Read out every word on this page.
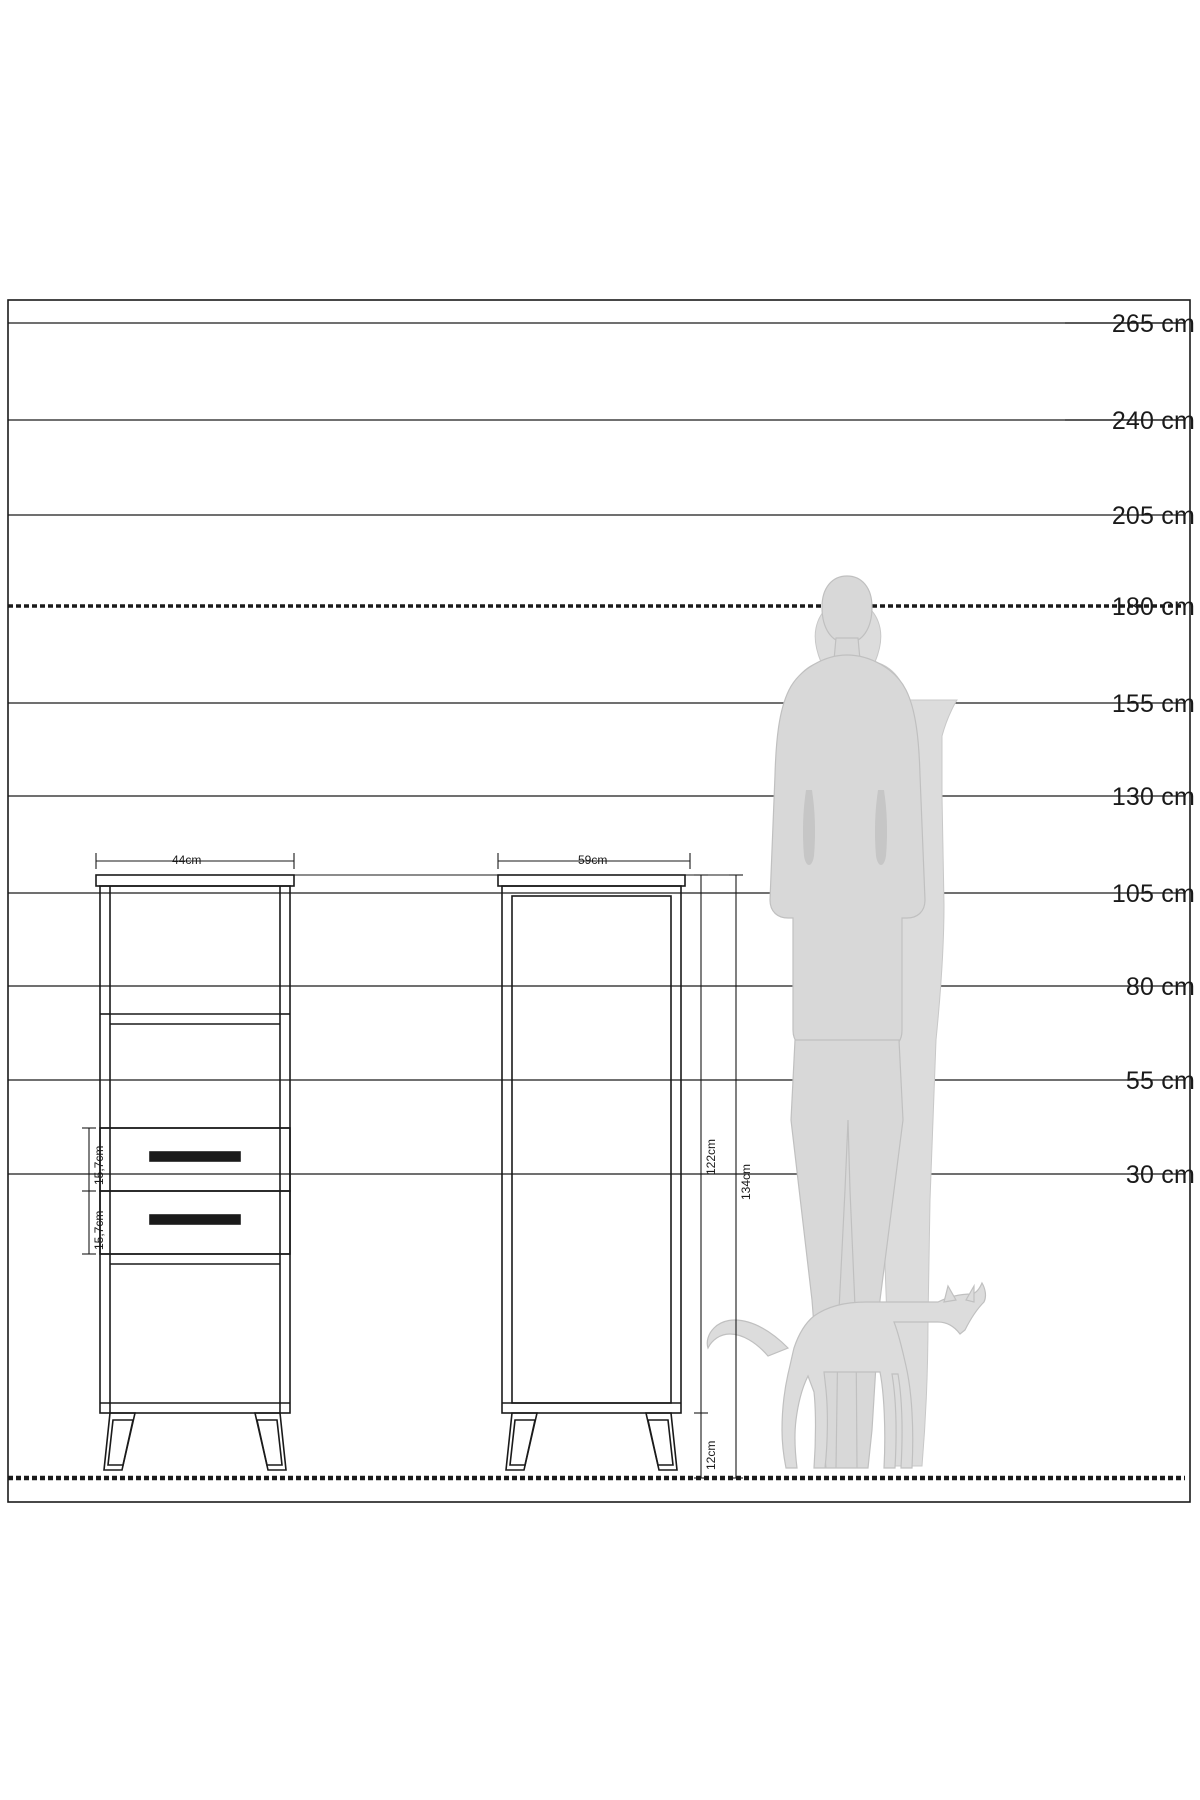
265 cm
240 cm
205 cm
180 cm
155 cm
130 cm
105 cm
80 cm
55 cm
30 cm
44cm	59cm
15,7cm
15,7cm
122cm
134cm
12cm
